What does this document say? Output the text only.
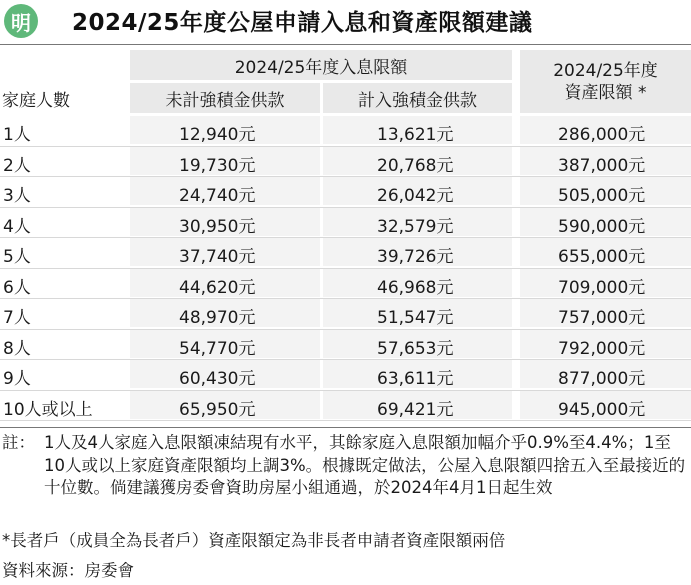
明	2024/25年度公屋申請入息和資產限額建議
2024/25年度入息限額
家庭人數	未計強積金供款	計入強積金供款
2024/25年度
資產限額 *
1人	12,940元	13,621元	286,000元
2人	19,730元	20,768元	387,000元
3人	24,740元	26,042元	505,000元
4人	30,950元	32,579元	590,000元
5人	37,740元	39,726元	655,000元
6人	44,620元	46,968元	709,000元
7人	48,970元	51,547元	757,000元
8人	54,770元	57,653元	792,000元
9人	60,430元	63,611元	877,000元
10人或以上	65,950元	69,421元	945,000元
註： 1人及4人家庭入息限額凍結現有水平，其餘家庭入息限額加幅介乎0.9%至4.4%；1至10人或以上家庭資產限額均上調3%。根據既定做法，公屋入息限額四捨五入至最接近的十位數。倘建議獲房委會資助房屋小組通過，於2024年4月1日起生效
*長者戶（成員全為長者戶）資產限額定為非長者申請者資產限額兩倍
資料來源：房委會
